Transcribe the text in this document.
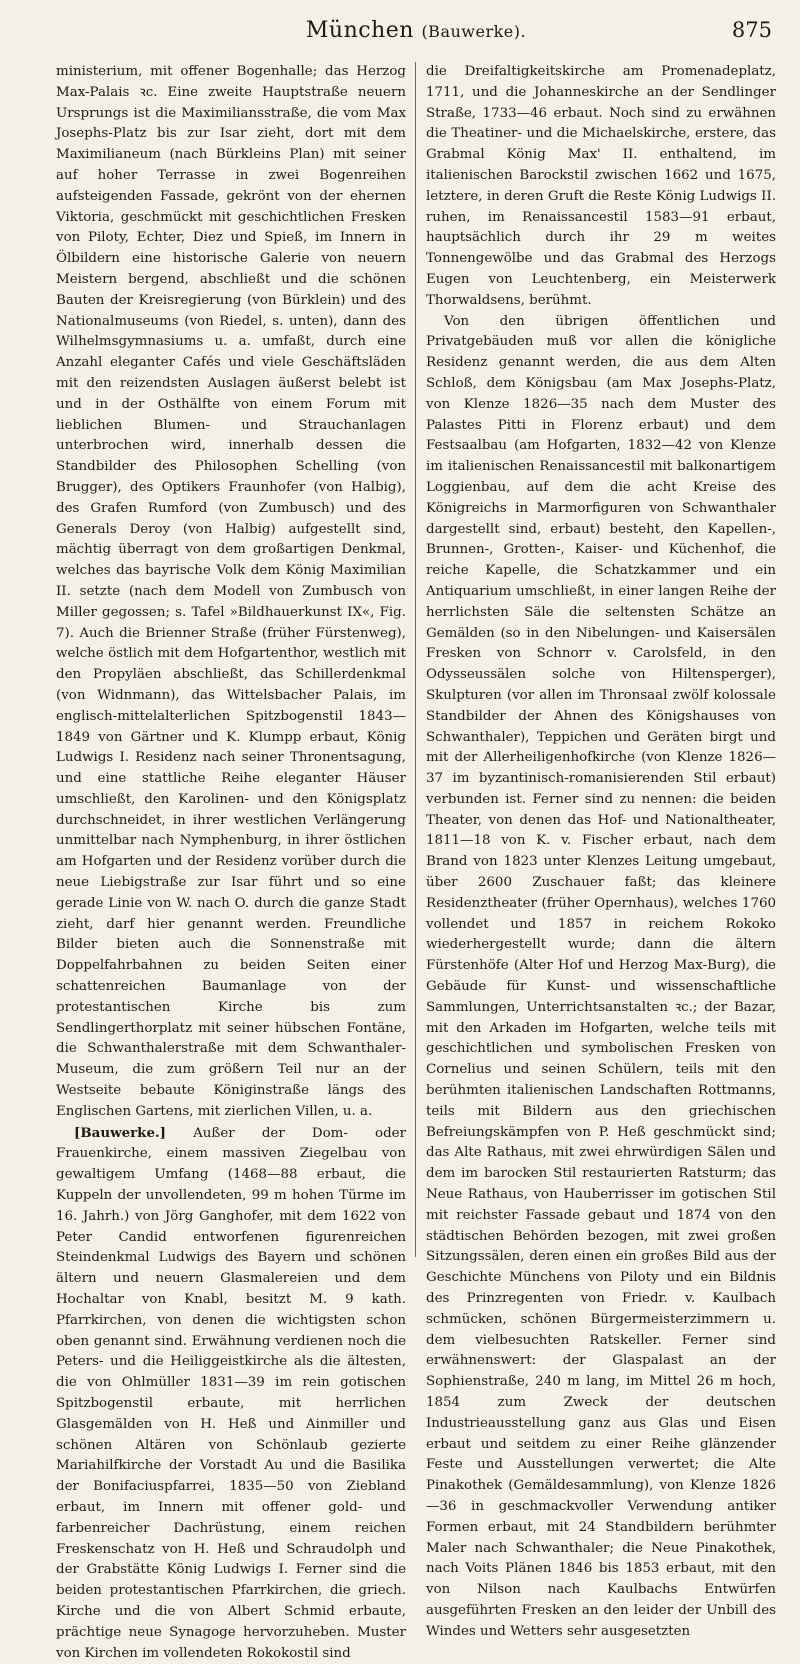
München (Bauwerke).	875

ministerium, mit offener Bogenhalle; das Herzog Max-Palais ꝛc. Eine zweite Hauptstraße neuern Ursprungs ist die Maximiliansstraße, die vom Max Josephs-Platz bis zur Isar zieht, dort mit dem Maximilianeum (nach Bürkleins Plan) mit seiner auf hoher Terrasse in zwei Bogenreihen aufsteigenden Fassade, gekrönt von der ehernen Viktoria, geschmückt mit geschichtlichen Fresken von Piloty, Echter, Diez und Spieß, im Innern in Ölbildern eine historische Galerie von neuern Meistern bergend, abschließt und die schönen Bauten der Kreisregierung (von Bürklein) und des Nationalmuseums (von Riedel, s. unten), dann des Wilhelmsgymnasiums u. a. umfaßt, durch eine Anzahl eleganter Cafés und viele Geschäftsläden mit den reizendsten Auslagen äußerst belebt ist und in der Osthälfte von einem Forum mit lieblichen Blumen- und Strauchanlagen unterbrochen wird, innerhalb dessen die Standbilder des Philosophen Schelling (von Brugger), des Optikers Fraunhofer (von Halbig), des Grafen Rumford (von Zumbusch) und des Generals Deroy (von Halbig) aufgestellt sind, mächtig überragt von dem großartigen Denkmal, welches das bayrische Volk dem König Maximilian II. setzte (nach dem Modell von Zumbusch von Miller gegossen; s. Tafel »Bildhauerkunst IX«, Fig. 7). Auch die Brienner Straße (früher Fürstenweg), welche östlich mit dem Hofgartenthor, westlich mit den Propyläen abschließt, das Schillerdenkmal (von Widnmann), das Wittelsbacher Palais, im englisch-mittelalterlichen Spitzbogenstil 1843—1849 von Gärtner und K. Klumpp erbaut, König Ludwigs I. Residenz nach seiner Thronentsagung, und eine stattliche Reihe eleganter Häuser umschließt, den Karolinen- und den Königsplatz durchschneidet, in ihrer westlichen Verlängerung unmittelbar nach Nymphenburg, in ihrer östlichen am Hofgarten und der Residenz vorüber durch die neue Liebigstraße zur Isar führt und so eine gerade Linie von W. nach O. durch die ganze Stadt zieht, darf hier genannt werden. Freundliche Bilder bieten auch die Sonnenstraße mit Doppelfahrbahnen zu beiden Seiten einer schattenreichen Baumanlage von der protestantischen Kirche bis zum Sendlingerthorplatz mit seiner hübschen Fontäne, die Schwanthalerstraße mit dem Schwanthaler-Museum, die zum größern Teil nur an der Westseite bebaute Königinstraße längs des Englischen Gartens, mit zierlichen Villen, u. a.

[Bauwerke.] Außer der Dom- oder Frauenkirche, einem massiven Ziegelbau von gewaltigem Umfang (1468—88 erbaut, die Kuppeln der unvollendeten, 99 m hohen Türme im 16. Jahrh.) von Jörg Ganghofer, mit dem 1622 von Peter Candid entworfenen figurenreichen Steindenkmal Ludwigs des Bayern und schönen ältern und neuern Glasmalereien und dem Hochaltar von Knabl, besitzt M. 9 kath. Pfarrkirchen, von denen die wichtigsten schon oben genannt sind. Erwähnung verdienen noch die Peters- und die Heiliggeistkirche als die ältesten, die von Ohlmüller 1831—39 im rein gotischen Spitzbogenstil erbaute, mit herrlichen Glasgemälden von H. Heß und Ainmiller und schönen Altären von Schönlaub gezierte Mariahilfkirche der Vorstadt Au und die Basilika der Bonifaciuspfarrei, 1835—50 von Ziebland erbaut, im Innern mit offener gold- und farbenreicher Dachrüstung, einem reichen Freskenschatz von H. Heß und Schraudolph und der Grabstätte König Ludwigs I. Ferner sind die beiden protestantischen Pfarrkirchen, die griech. Kirche und die von Albert Schmid erbaute, prächtige neue Synagoge hervorzuheben. Muster von Kirchen im vollendeten Rokokostil sind

die Dreifaltigkeitskirche am Promenadeplatz, 1711, und die Johanneskirche an der Sendlinger Straße, 1733—46 erbaut. Noch sind zu erwähnen die Theatiner- und die Michaelskirche, erstere, das Grabmal König Max' II. enthaltend, im italienischen Barockstil zwischen 1662 und 1675, letztere, in deren Gruft die Reste König Ludwigs II. ruhen, im Renaissancestil 1583—91 erbaut, hauptsächlich durch ihr 29 m weites Tonnengewölbe und das Grabmal des Herzogs Eugen von Leuchtenberg, ein Meisterwerk Thorwaldsens, berühmt.

Von den übrigen öffentlichen und Privatgebäuden muß vor allen die königliche Residenz genannt werden, die aus dem Alten Schloß, dem Königsbau (am Max Josephs-Platz, von Klenze 1826—35 nach dem Muster des Palastes Pitti in Florenz erbaut) und dem Festsaalbau (am Hofgarten, 1832—42 von Klenze im italienischen Renaissancestil mit balkonartigem Loggienbau, auf dem die acht Kreise des Königreichs in Marmorfiguren von Schwanthaler dargestellt sind, erbaut) besteht, den Kapellen-, Brunnen-, Grotten-, Kaiser- und Küchenhof, die reiche Kapelle, die Schatzkammer und ein Antiquarium umschließt, in einer langen Reihe der herrlichsten Säle die seltensten Schätze an Gemälden (so in den Nibelungen- und Kaisersälen Fresken von Schnorr v. Carolsfeld, in den Odysseussälen solche von Hiltensperger), Skulpturen (vor allen im Thronsaal zwölf kolossale Standbilder der Ahnen des Königshauses von Schwanthaler), Teppichen und Geräten birgt und mit der Allerheiligenhofkirche (von Klenze 1826—37 im byzantinisch-romanisierenden Stil erbaut) verbunden ist. Ferner sind zu nennen: die beiden Theater, von denen das Hof- und Nationaltheater, 1811—18 von K. v. Fischer erbaut, nach dem Brand von 1823 unter Klenzes Leitung umgebaut, über 2600 Zuschauer faßt; das kleinere Residenztheater (früher Opernhaus), welches 1760 vollendet und 1857 in reichem Rokoko wiederhergestellt wurde; dann die ältern Fürstenhöfe (Alter Hof und Herzog Max-Burg), die Gebäude für Kunst- und wissenschaftliche Sammlungen, Unterrichtsanstalten ꝛc.; der Bazar, mit den Arkaden im Hofgarten, welche teils mit geschichtlichen und symbolischen Fresken von Cornelius und seinen Schülern, teils mit den berühmten italienischen Landschaften Rottmanns, teils mit Bildern aus den griechischen Befreiungskämpfen von P. Heß geschmückt sind; das Alte Rathaus, mit zwei ehrwürdigen Sälen und dem im barocken Stil restaurierten Ratsturm; das Neue Rathaus, von Hauberrisser im gotischen Stil mit reichster Fassade gebaut und 1874 von den städtischen Behörden bezogen, mit zwei großen Sitzungssälen, deren einen ein großes Bild aus der Geschichte Münchens von Piloty und ein Bildnis des Prinzregenten von Friedr. v. Kaulbach schmücken, schönen Bürgermeisterzimmern u. dem vielbesuchten Ratskeller. Ferner sind erwähnenswert: der Glaspalast an der Sophienstraße, 240 m lang, im Mittel 26 m hoch, 1854 zum Zweck der deutschen Industrieausstellung ganz aus Glas und Eisen erbaut und seitdem zu einer Reihe glänzender Feste und Ausstellungen verwertet; die Alte Pinakothek (Gemäldesammlung), von Klenze 1826—36 in geschmackvoller Verwendung antiker Formen erbaut, mit 24 Standbildern berühmter Maler nach Schwanthaler; die Neue Pinakothek, nach Voits Plänen 1846 bis 1853 erbaut, mit den von Nilson nach Kaulbachs Entwürfen ausgeführten Fresken an den leider der Unbill des Windes und Wetters sehr ausgesetzten
